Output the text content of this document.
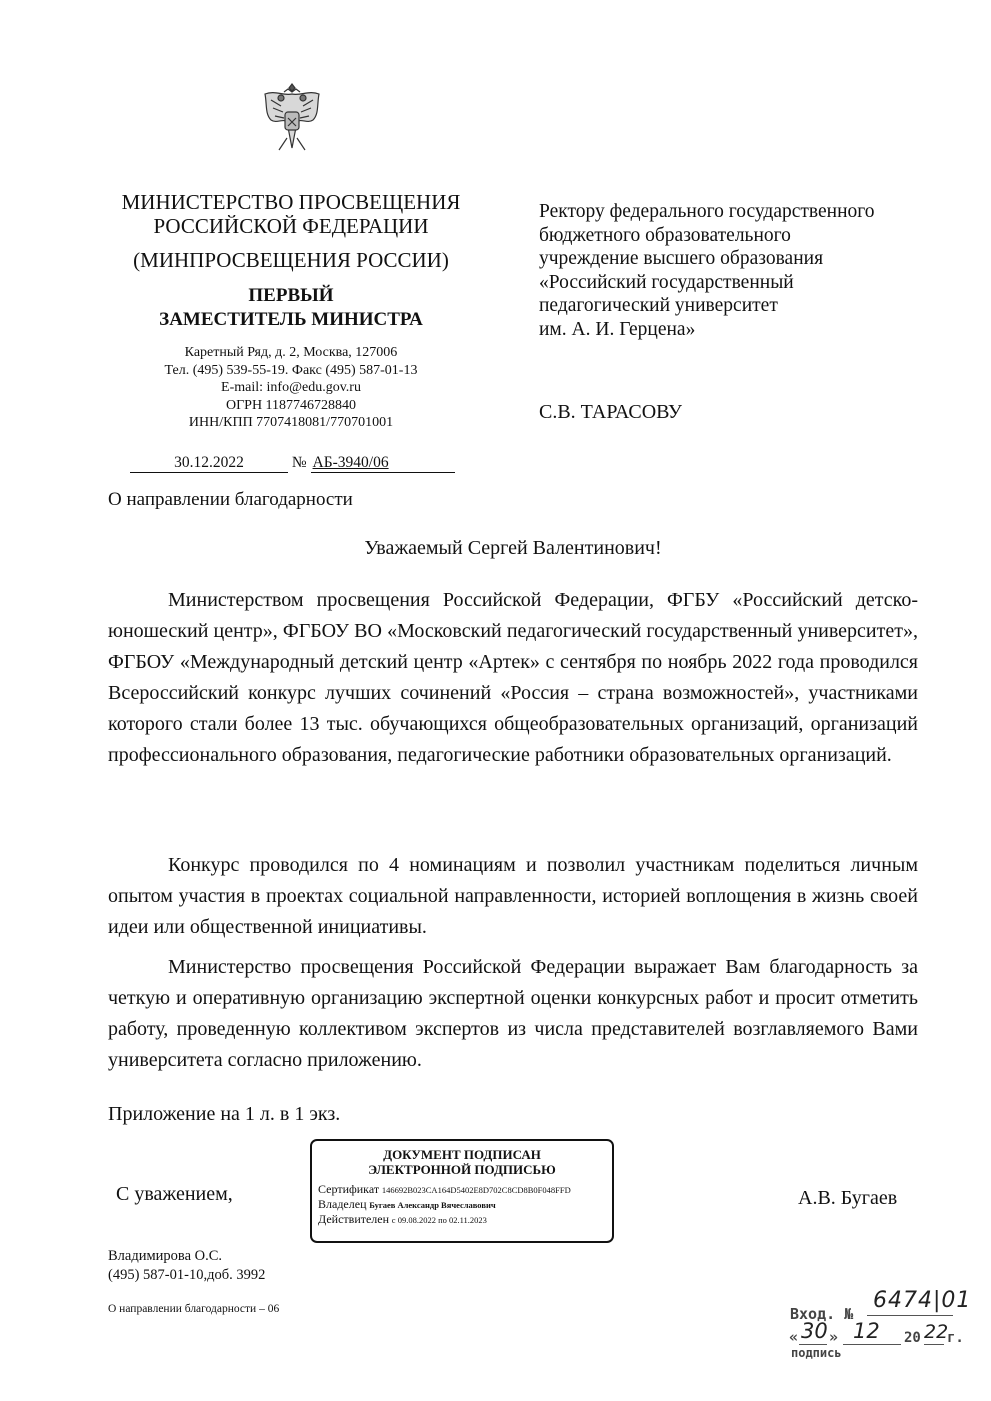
МИНИСТЕРСТВО ПРОСВЕЩЕНИЯ
РОССИЙСКОЙ ФЕДЕРАЦИИ
(МИНПРОСВЕЩЕНИЯ РОССИИ)
ПЕРВЫЙ
ЗАМЕСТИТЕЛЬ МИНИСТРА
Каретный Ряд, д. 2, Москва, 127006
Тел. (495) 539-55-19. Факс (495) 587-01-13
E-mail: info@edu.gov.ru
ОГРН 1187746728840
ИНН/КПП 7707418081/770701001
30.12.2022	№ АБ-3940/06
О направлении благодарности
Ректору федерального государственного
бюджетного образовательного
учреждение высшего образования
«Российский государственный
педагогический университет
им. А. И. Герцена»
С.В. ТАРАСОВУ
Уважаемый Сергей Валентинович!
Министерством просвещения Российской Федерации, ФГБУ «Российский детско-юношеский центр», ФГБОУ ВО «Московский педагогический государственный университет», ФГБОУ «Международный детский центр «Артек» с сентября по ноябрь 2022 года проводился Всероссийский конкурс лучших сочинений «Россия – страна возможностей», участниками которого стали более 13 тыс. обучающихся общеобразовательных организаций, организаций профессионального образования, педагогические работники образовательных организаций.
Конкурс проводился по 4 номинациям и позволил участникам поделиться личным опытом участия в проектах социальной направленности, историей воплощения в жизнь своей идеи или общественной инициативы.
Министерство просвещения Российской Федерации выражает Вам благодарность за четкую и оперативную организацию экспертной оценки конкурсных работ и просит отметить работу, проведенную коллективом экспертов из числа представителей возглавляемого Вами университета согласно приложению.
Приложение на 1 л. в 1 экз.
С уважением,	А.В. Бугаев
ДОКУМЕНТ ПОДПИСАН
ЭЛЕКТРОННОЙ ПОДПИСЬЮ
Сертификат 146692B023CA164D5402E8D702C8CD8B0F048FFD
Владелец Бугаев Александр Вячеславович
Действителен с 09.08.2022 по 02.11.2023
Владимирова О.С.
(495) 587-01-10,доб. 3992
О направлении благодарности – 06	Вход. №
6474|01
« 30 » 12 20 22
г.
подпись
